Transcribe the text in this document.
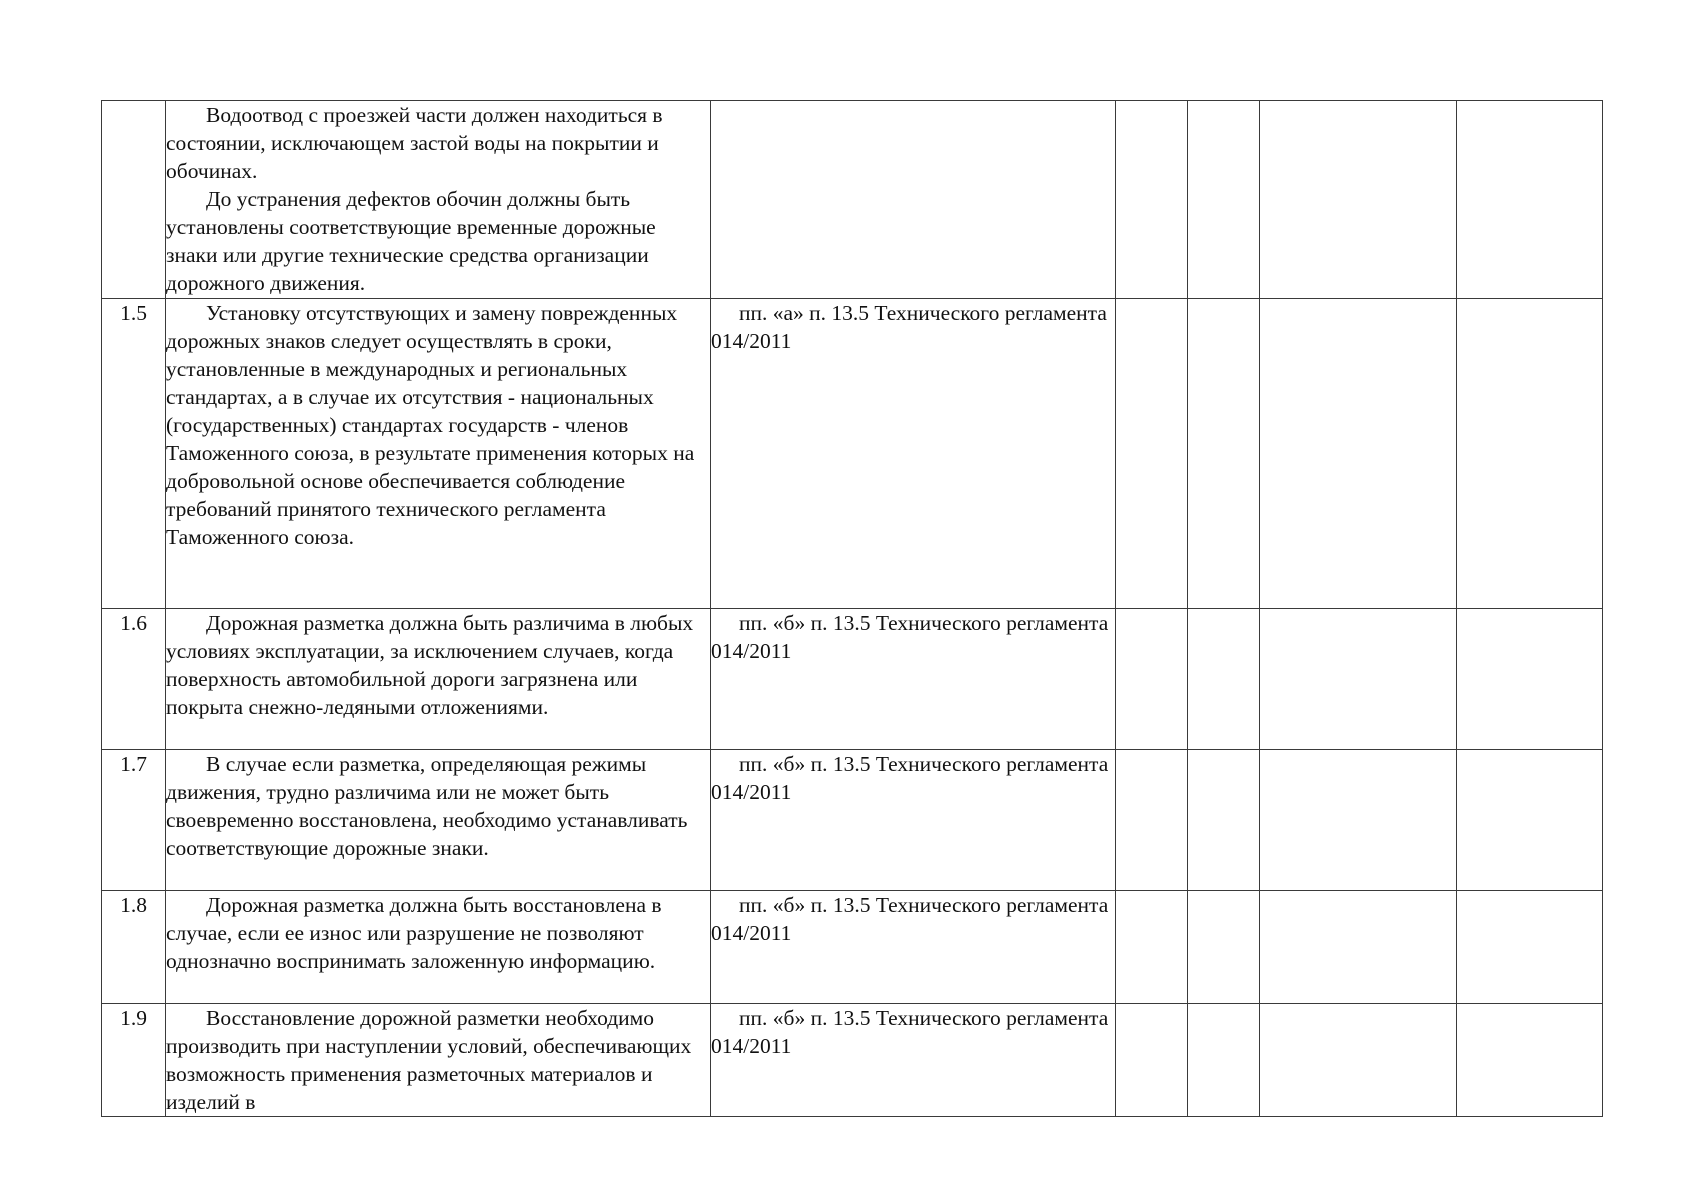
	Водоотвод с проезжей части должен находиться в состоянии, исключающем застой воды на покрытии и обочинах.

До устранения дефектов обочин должны быть установлены соответствующие временные дорожные знаки или другие технические средства организации дорожного движения.					

1.5	Установку отсутствующих и замену поврежденных дорожных знаков следует осуществлять в сроки, установленные в международных и региональных стандартах, а в случае их отсутствия - национальных (государственных) стандартах государств - членов Таможенного союза, в результате применения которых на добровольной основе обеспечивается соблюдение требований принятого технического регламента Таможенного союза.	пп. «а» п. 13.5 Технического регламента 014/2011				

1.6	Дорожная разметка должна быть различима в любых условиях эксплуатации, за исключением случаев, когда поверхность автомобильной дороги загрязнена или покрыта снежно-ледяными отложениями.	пп. «б» п. 13.5 Технического регламента 014/2011				

1.7	В случае если разметка, определяющая режимы движения, трудно различима или не может быть своевременно восстановлена, необходимо устанавливать соответствующие дорожные знаки.	пп. «б» п. 13.5 Технического регламента 014/2011				

1.8	Дорожная разметка должна быть восстановлена в случае, если ее износ или разрушение не позволяют однозначно воспринимать заложенную информацию.	пп. «б» п. 13.5 Технического регламента 014/2011				

1.9	Восстановление дорожной разметки необходимо производить при наступлении условий, обеспечивающих возможность применения разметочных материалов и изделий в	пп. «б» п. 13.5 Технического регламента 014/2011				
